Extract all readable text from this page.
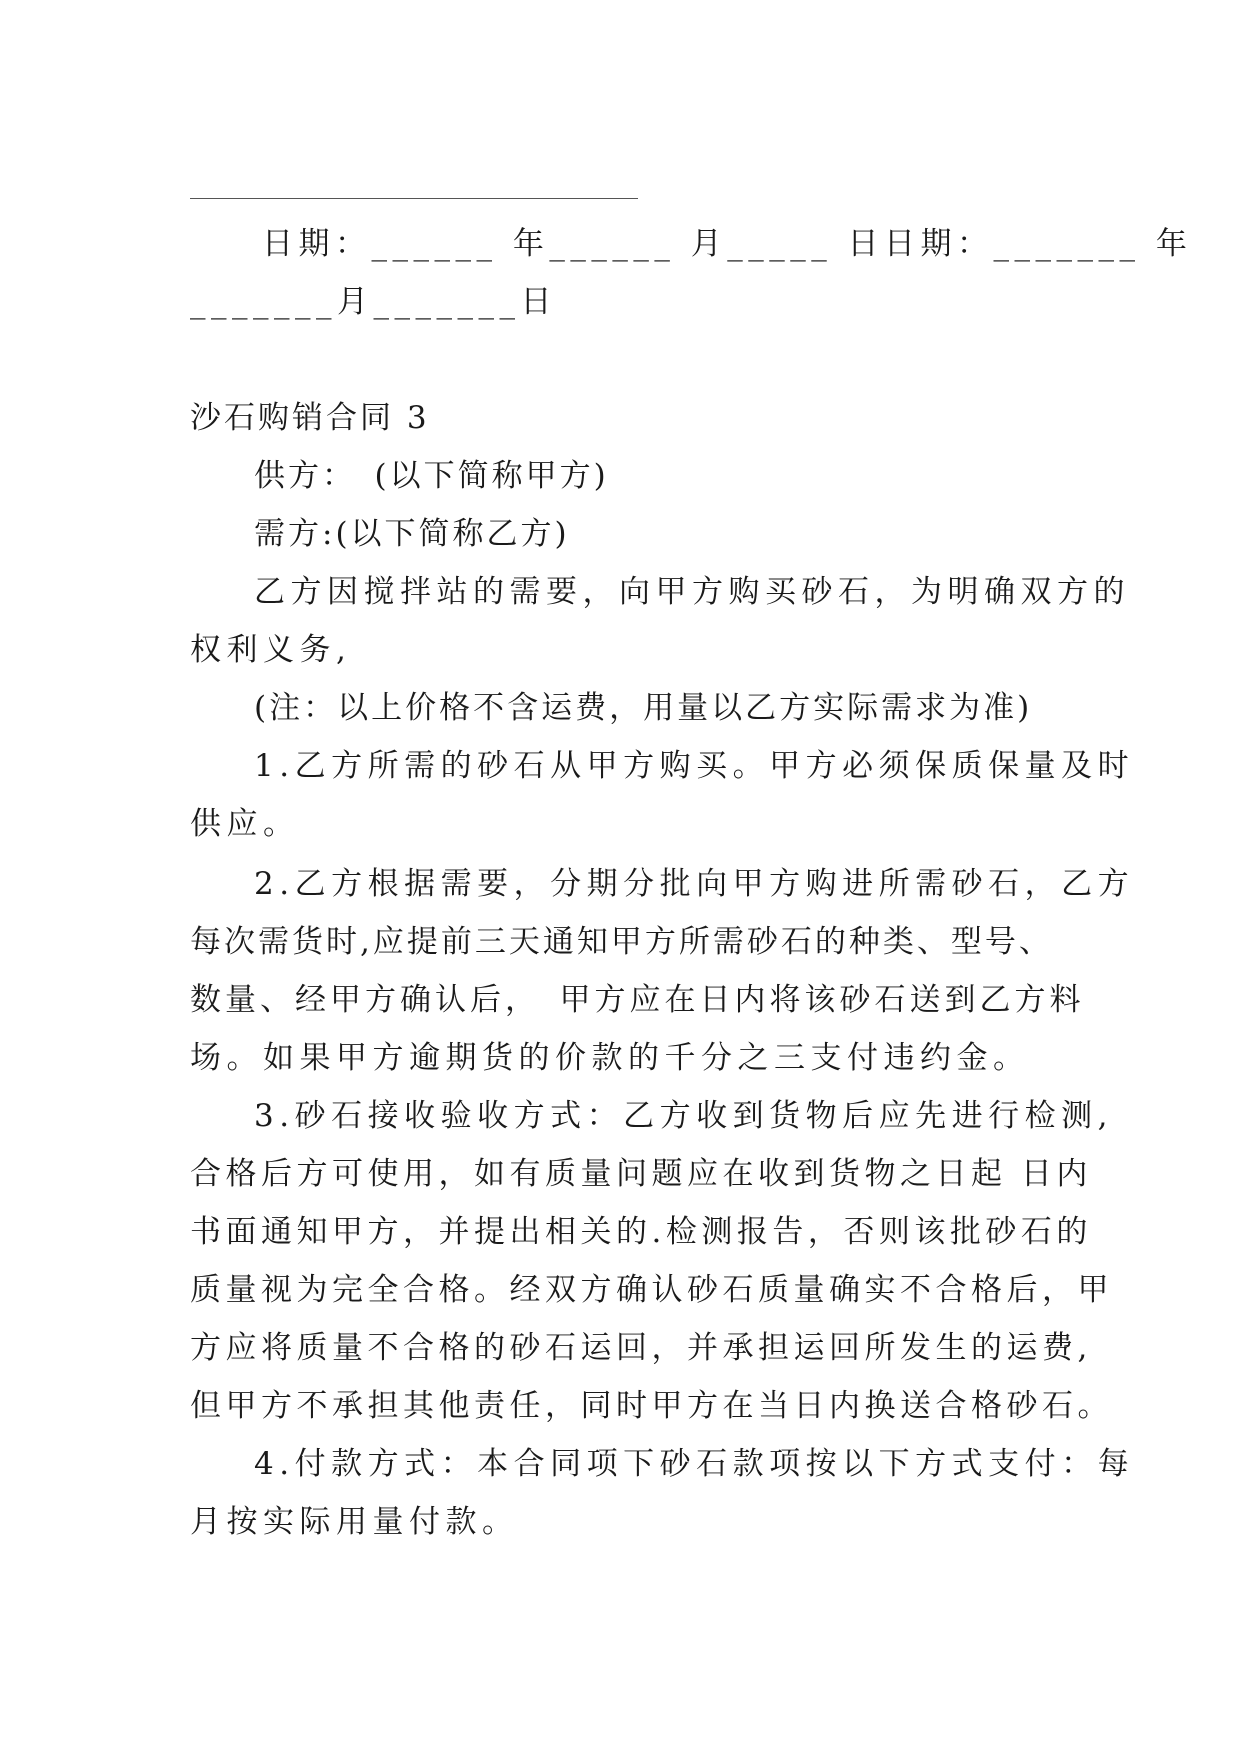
日期：______ 年______ 月_____ 日日期：_______ 年
_______月_______日
沙石购销合同 3
供方：　(以下简称甲方)
需方:(以下简称乙方)
乙方因搅拌站的需要，向甲方购买砂石，为明确双方的
权利义务,
(注：以上价格不含运费，用量以乙方实际需求为准)
1.乙方所需的砂石从甲方购买。甲方必须保质保量及时
供应。
2.乙方根据需要，分期分批向甲方购进所需砂石，乙方
每次需货时,应提前三天通知甲方所需砂石的种类、型号、
数量、经甲方确认后，　甲方应在日内将该砂石送到乙方料
场。如果甲方逾期货的价款的千分之三支付违约金。
3.砂石接收验收方式：乙方收到货物后应先进行检测,
合格后方可使用，如有质量问题应在收到货物之日起 日内
书面通知甲方，并提出相关的.检测报告，否则该批砂石的
质量视为完全合格。经双方确认砂石质量确实不合格后，甲
方应将质量不合格的砂石运回，并承担运回所发生的运费,
但甲方不承担其他责任，同时甲方在当日内换送合格砂石。
4.付款方式：本合同项下砂石款项按以下方式支付：每
月按实际用量付款。
